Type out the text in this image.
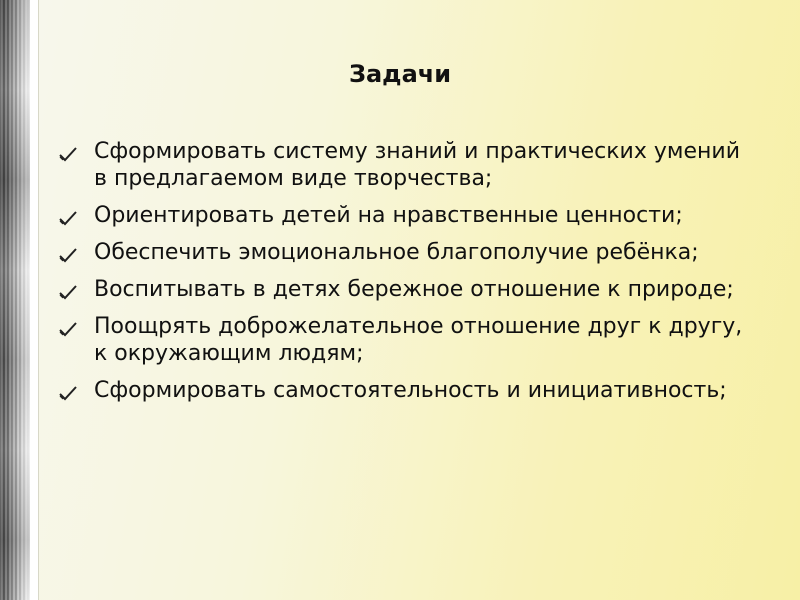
Задачи
Сформировать систему знаний и практических умений в предлагаемом виде творчества;
Ориентировать детей на нравственные ценности;
Обеспечить эмоциональное благополучие ребёнка;
Воспитывать в детях бережное отношение к природе;
Поощрять доброжелательное отношение друг к другу, к окружающим людям;
Сформировать самостоятельность и инициативность;
